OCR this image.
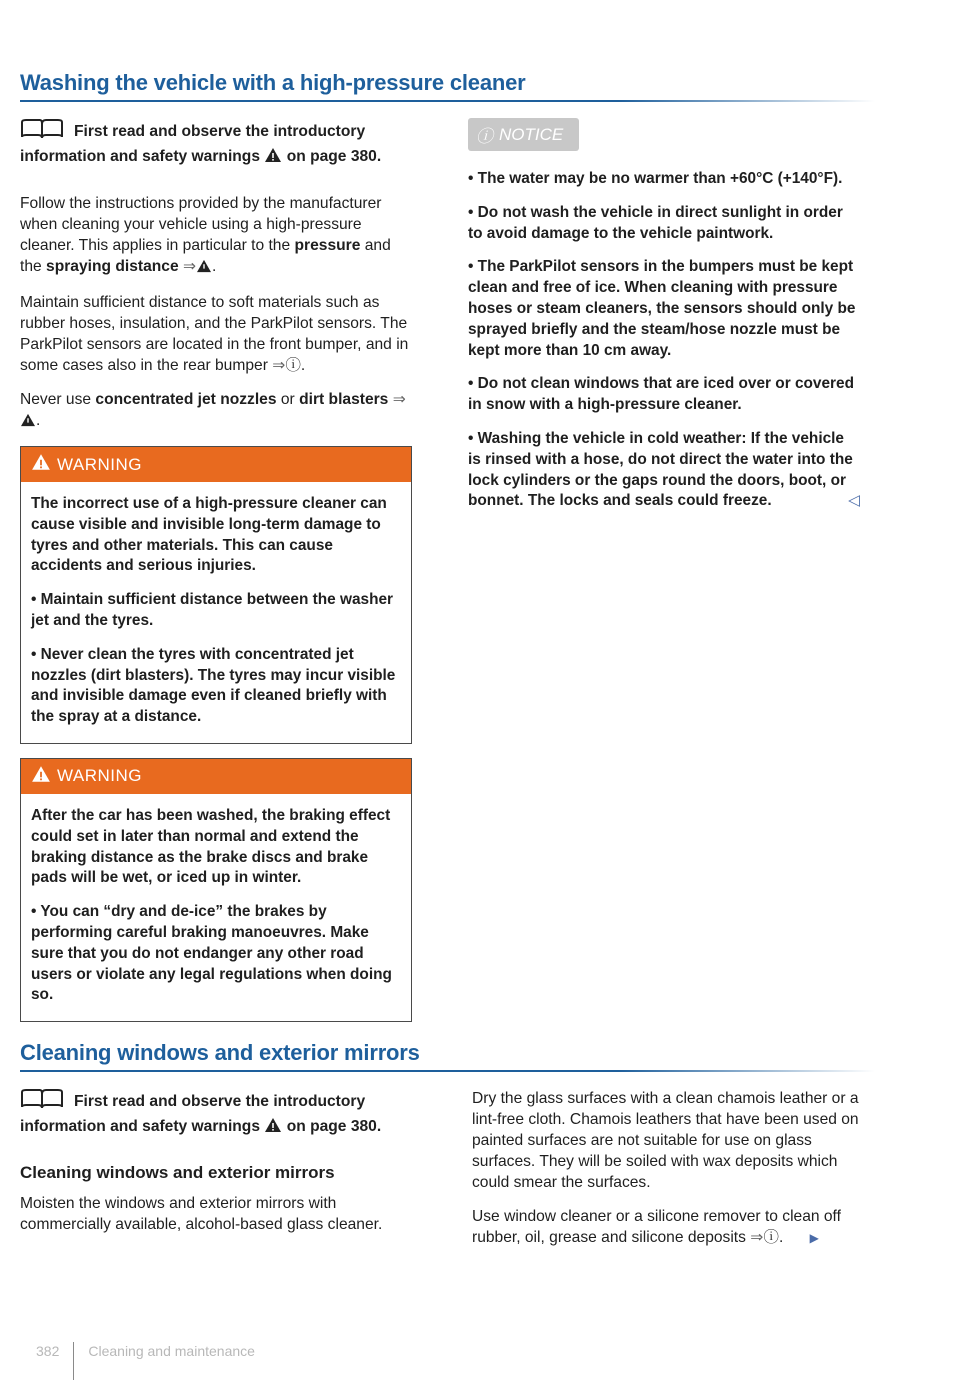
Washing the vehicle with a high-pressure cleaner

First read and observe the introductory information and safety warnings on page 380.

Follow the instructions provided by the manufacturer when cleaning your vehicle using a high-pressure cleaner. This applies in particular to the pressure and the spraying distance ⇒ .

Maintain sufficient distance to soft materials such as rubber hoses, insulation, and the ParkPilot sensors. The ParkPilot sensors are located in the front bumper, and in some cases also in the rear bumper ⇒ⓘ.

Never use concentrated jet nozzles or dirt blasters ⇒.

WARNING

The incorrect use of a high-pressure cleaner can cause visible and invisible long-term damage to tyres and other materials. This can cause accidents and serious injuries.

• Maintain sufficient distance between the washer jet and the tyres.

• Never clean the tyres with concentrated jet nozzles (dirt blasters). The tyres may incur visible and invisible damage even if cleaned briefly with the spray at a distance.

WARNING

After the car has been washed, the braking effect could set in later than normal and extend the braking distance as the brake discs and brake pads will be wet, or iced up in winter.

• You can “dry and de-ice” the brakes by performing careful braking manoeuvres. Make sure that you do not endanger any other road users or violate any legal regulations when doing so.

ⓘ NOTICE

• The water may be no warmer than +60°C (+140°F).

• Do not wash the vehicle in direct sunlight in order to avoid damage to the vehicle paintwork.

• The ParkPilot sensors in the bumpers must be kept clean and free of ice. When cleaning with pressure hoses or steam cleaners, the sensors should only be sprayed briefly and the steam/hose nozzle must be kept more than 10 cm away.

• Do not clean windows that are iced over or covered in snow with a high-pressure cleaner.

• Washing the vehicle in cold weather: If the vehicle is rinsed with a hose, do not direct the water into the lock cylinders or the gaps round the doors, boot, or bonnet. The locks and seals could freeze.	◁

Cleaning windows and exterior mirrors

First read and observe the introductory information and safety warnings on page 380.

Cleaning windows and exterior mirrors

Moisten the windows and exterior mirrors with commercially available, alcohol-based glass cleaner.

Dry the glass surfaces with a clean chamois leather or a lint-free cloth. Chamois leathers that have been used on painted surfaces are not suitable for use on glass surfaces. They will be soiled with wax deposits which could smear the surfaces.

Use window cleaner or a silicone remover to clean off rubber, oil, grease and silicone deposits ⇒ⓘ. ▶

382 Cleaning and maintenance
